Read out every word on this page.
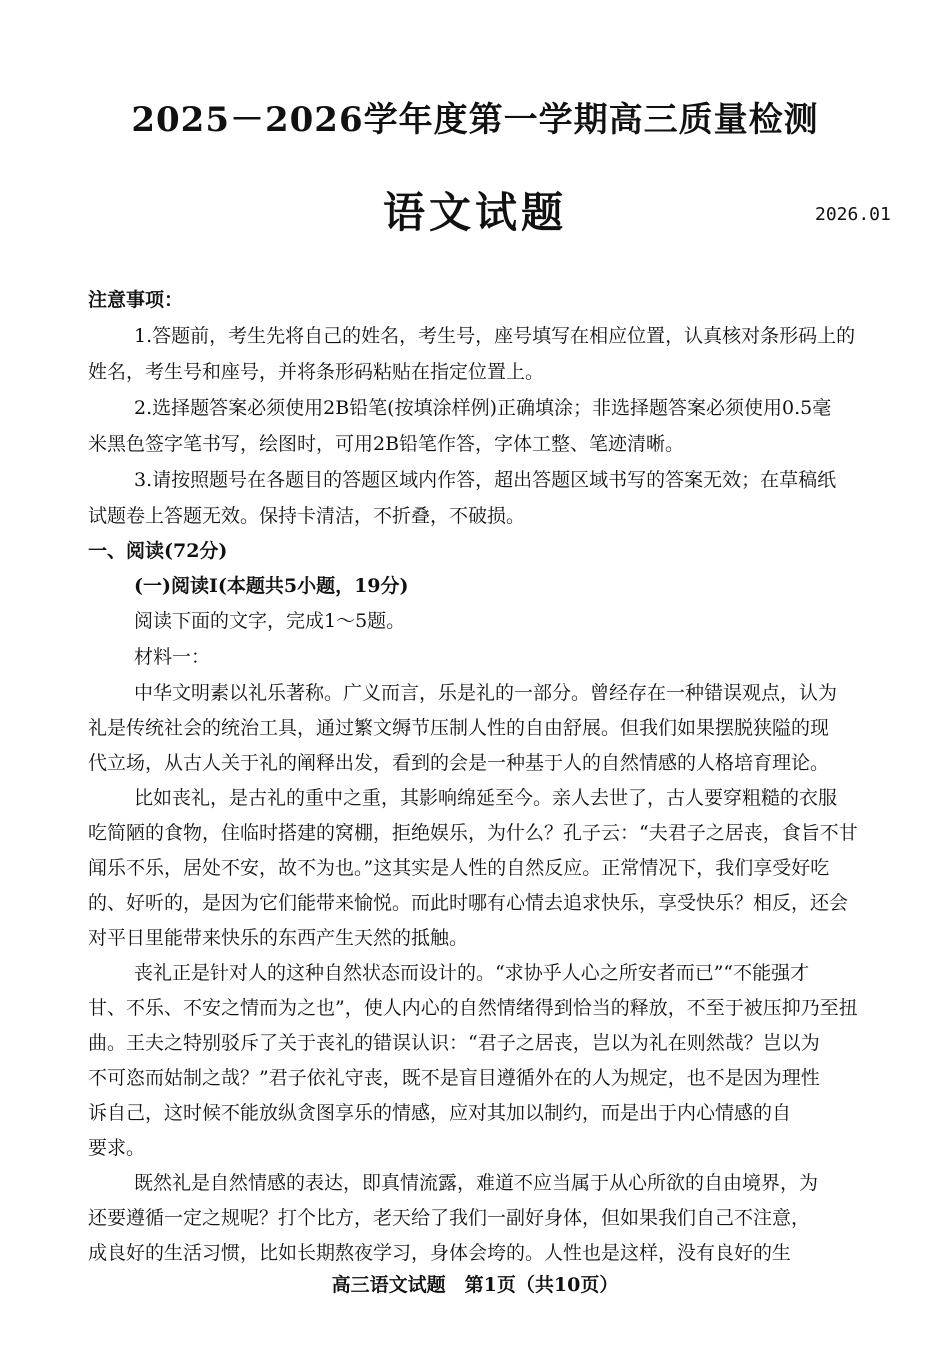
2025－2026学年度第一学期高三质量检测
语文试题	2026.01
注意事项：
1.答题前，考生先将自己的姓名，考生号，座号填写在相应位置，认真核对条形码上的
姓名，考生号和座号，并将条形码粘贴在指定位置上。
2.选择题答案必须使用2B铅笔(按填涂样例)正确填涂；非选择题答案必须使用0.5毫
米黑色签字笔书写，绘图时，可用2B铅笔作答，字体工整、笔迹清晰。
3.请按照题号在各题目的答题区域内作答，超出答题区域书写的答案无效；在草稿纸
试题卷上答题无效。保持卡清洁，不折叠，不破损。
一、阅读(72分)
(一)阅读Ⅰ(本题共5小题，19分)
阅读下面的文字，完成1～5题。
材料一：
中华文明素以礼乐著称。广义而言，乐是礼的一部分。曾经存在一种错误观点，认为
礼是传统社会的统治工具，通过繁文缛节压制人性的自由舒展。但我们如果摆脱狭隘的现
代立场，从古人关于礼的阐释出发，看到的会是一种基于人的自然情感的人格培育理论。
比如丧礼，是古礼的重中之重，其影响绵延至今。亲人去世了，古人要穿粗糙的衣服
吃简陋的食物，住临时搭建的窝棚，拒绝娱乐，为什么？孔子云：“夫君子之居丧，食旨不甘
闻乐不乐，居处不安，故不为也。”这其实是人性的自然反应。正常情况下，我们享受好吃
的、好听的，是因为它们能带来愉悦。而此时哪有心情去追求快乐，享受快乐？相反，还会
对平日里能带来快乐的东西产生天然的抵触。
丧礼正是针对人的这种自然状态而设计的。“求协乎人心之所安者而已”“不能强才
甘、不乐、不安之情而为之也”，使人内心的自然情绪得到恰当的释放，不至于被压抑乃至扭
曲。王夫之特别驳斥了关于丧礼的错误认识：“君子之居丧，岂以为礼在则然哉？岂以为
不可恣而姑制之哉？”君子依礼守丧，既不是盲目遵循外在的人为规定，也不是因为理性
诉自己，这时候不能放纵贪图享乐的情感，应对其加以制约，而是出于内心情感的自
要求。
既然礼是自然情感的表达，即真情流露，难道不应当属于从心所欲的自由境界，为
还要遵循一定之规呢？打个比方，老天给了我们一副好身体，但如果我们自己不注意，
成良好的生活习惯，比如长期熬夜学习，身体会垮的。人性也是这样，没有良好的生
高三语文试题　第1页（共10页）
